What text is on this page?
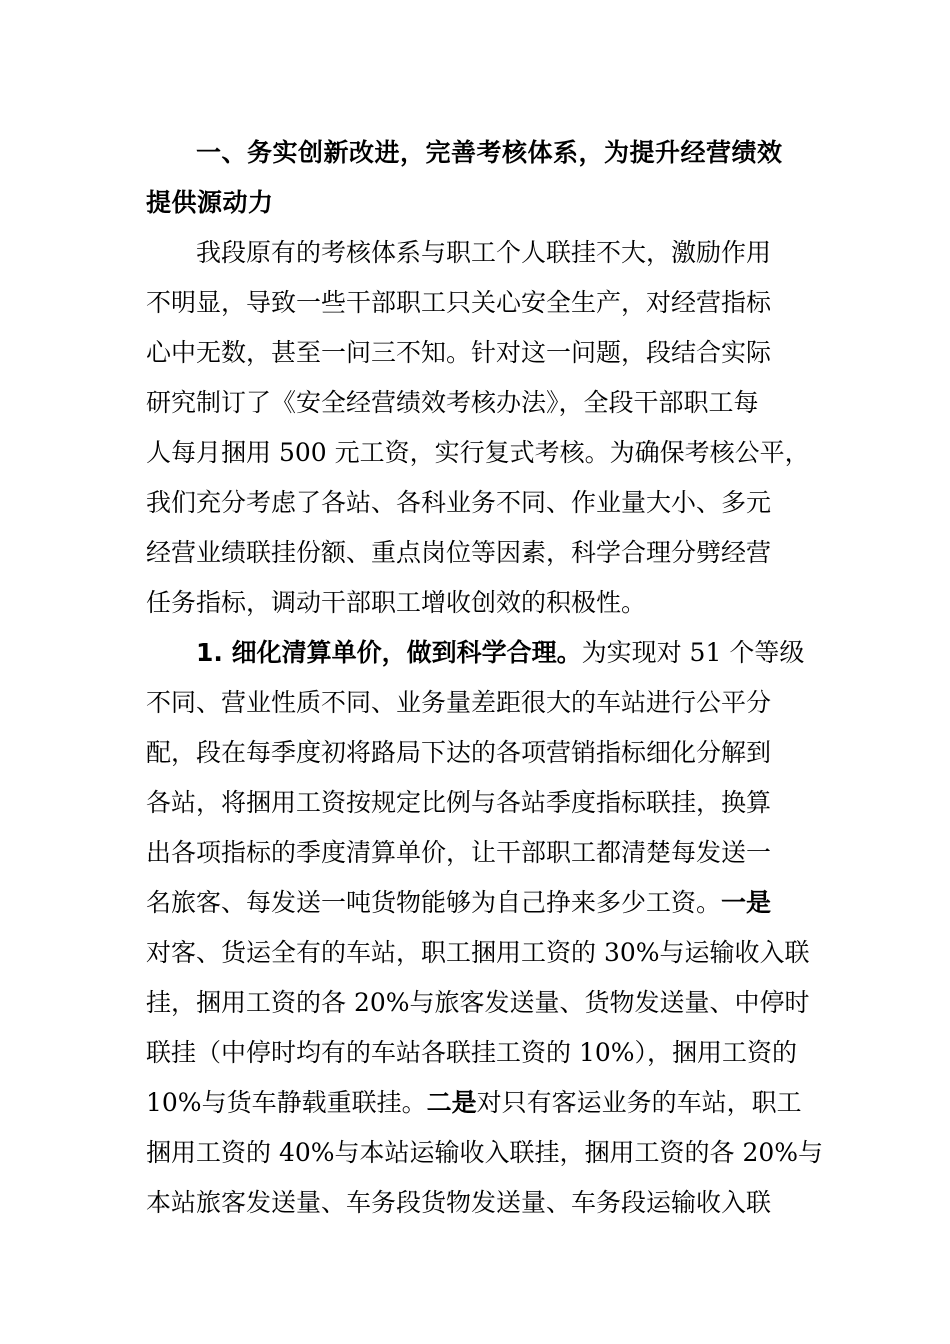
一、务实创新改进，完善考核体系，为提升经营绩效
提供源动力
我段原有的考核体系与职工个人联挂不大，激励作用
不明显，导致一些干部职工只关心安全生产，对经营指标
心中无数，甚至一问三不知。针对这一问题，段结合实际
研究制订了《安全经营绩效考核办法》，全段干部职工每
人每月捆用 500 元工资，实行复式考核。为确保考核公平，
我们充分考虑了各站、各科业务不同、作业量大小、多元
经营业绩联挂份额、重点岗位等因素，科学合理分劈经营
任务指标，调动干部职工增收创效的积极性。
1. 细化清算单价，做到科学合理。为实现对 51 个等级
不同、营业性质不同、业务量差距很大的车站进行公平分
配，段在每季度初将路局下达的各项营销指标细化分解到
各站，将捆用工资按规定比例与各站季度指标联挂，换算
出各项指标的季度清算单价，让干部职工都清楚每发送一
名旅客、每发送一吨货物能够为自己挣来多少工资。一是
对客、货运全有的车站，职工捆用工资的 30%与运输收入联
挂，捆用工资的各 20%与旅客发送量、货物发送量、中停时
联挂（中停时均有的车站各联挂工资的 10%），捆用工资的
10%与货车静载重联挂。二是对只有客运业务的车站，职工
捆用工资的 40%与本站运输收入联挂，捆用工资的各 20%与
本站旅客发送量、车务段货物发送量、车务段运输收入联
